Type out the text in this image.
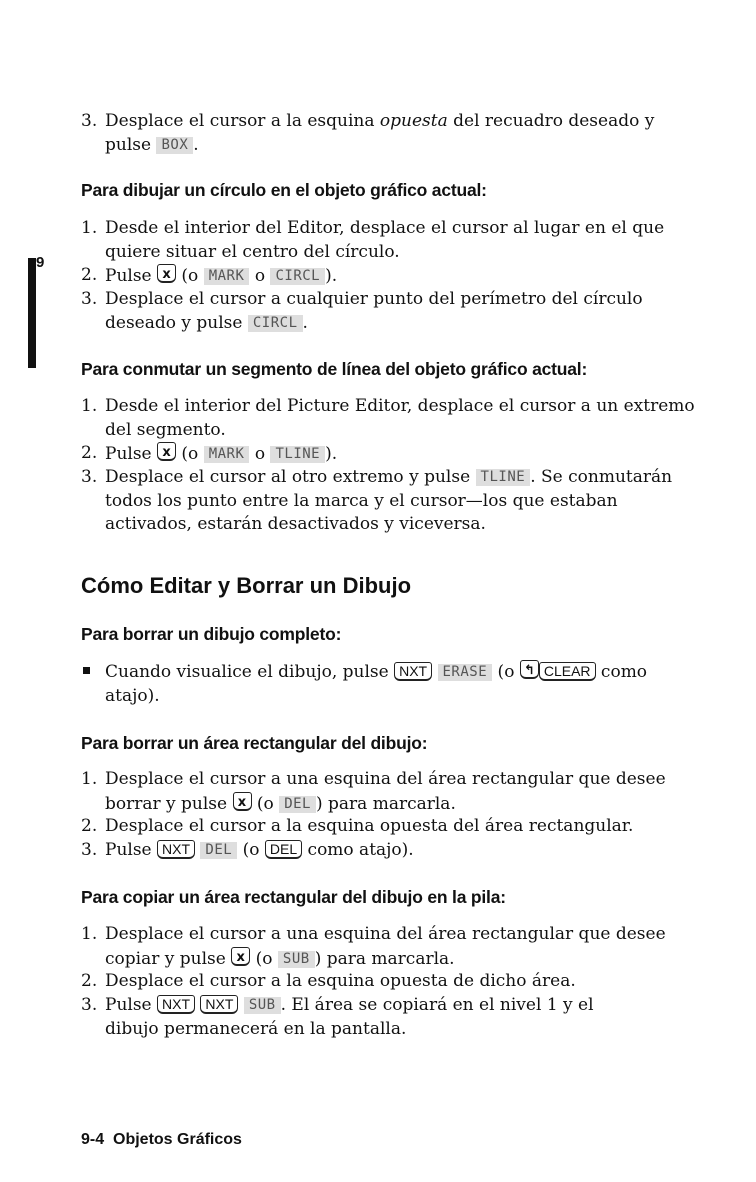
9
3. Desplace el cursor a la esquina opuesta del recuadro deseado y
pulse BOX .
Para dibujar un círculo en el objeto gráfico actual:
1. Desde el interior del Editor, desplace el cursor al lugar en el que
quiere situar el centro del círculo.
2. Pulse x (o MARK o CIRCL ).
3. Desplace el cursor a cualquier punto del perímetro del círculo
deseado y pulse CIRCL .
Para conmutar un segmento de línea del objeto gráfico actual:
1. Desde el interior del Picture Editor, desplace el cursor a un extremo
del segmento.
2. Pulse x (o MARK o TLINE ).
3. Desplace el cursor al otro extremo y pulse TLINE . Se conmutarán
todos los punto entre la marca y el cursor—los que estaban
activados, estarán desactivados y viceversa.
Cómo Editar y Borrar un Dibujo
Para borrar un dibujo completo:
Cuando visualice el dibujo, pulse NXT ERASE (o ↰ CLEAR como
atajo).
Para borrar un área rectangular del dibujo:
1. Desplace el cursor a una esquina del área rectangular que desee
borrar y pulse x (o DEL ) para marcarla.
2. Desplace el cursor a la esquina opuesta del área rectangular.
3. Pulse NXT DEL (o DEL como atajo).
Para copiar un área rectangular del dibujo en la pila:
1. Desplace el cursor a una esquina del área rectangular que desee
copiar y pulse x (o SUB ) para marcarla.
2. Desplace el cursor a la esquina opuesta de dicho área.
3. Pulse NXT NXT SUB . El área se copiará en el nivel 1 y el
dibujo permanecerá en la pantalla.
9-4 Objetos Gráficos
